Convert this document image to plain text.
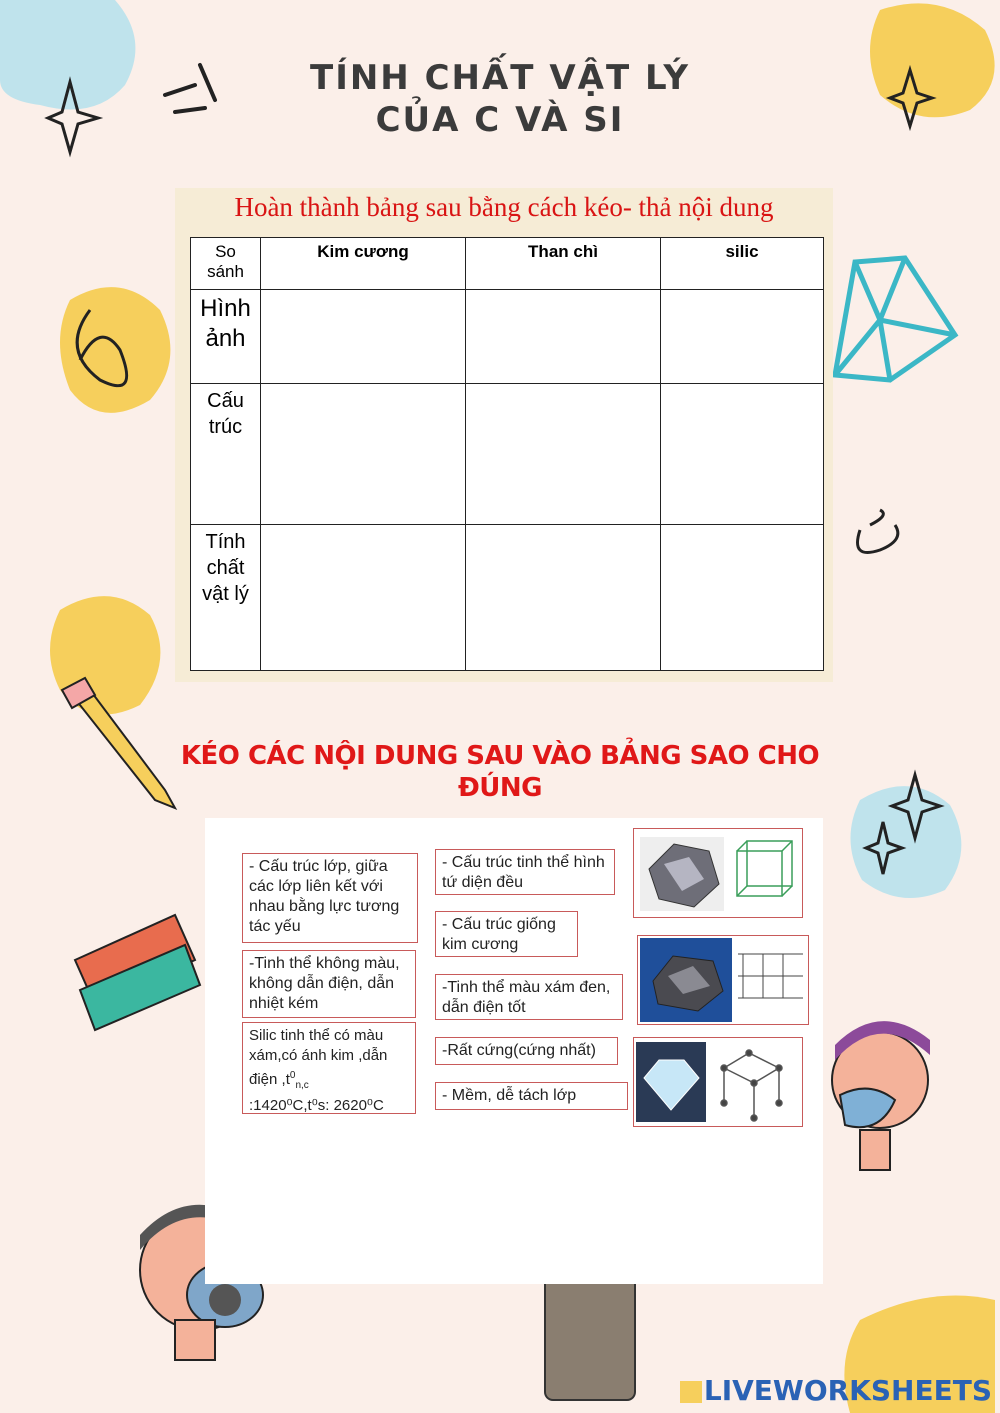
TÍNH CHẤT VẬT LÝ
CỦA C VÀ SI
Hoàn thành bảng sau bằng cách kéo- thả nội dung
So sánh	Kim cương	Than chì	silic
Hình ảnh			
Cấu trúc			
Tính chất vật lý			
KÉO CÁC NỘI DUNG SAU VÀO BẢNG SAO CHO ĐÚNG
- Cấu trúc lớp, giữa các lớp liên kết với nhau bằng lực tương tác yếu
-Tinh thể không màu, không dẫn điện, dẫn nhiệt kém
Silic tinh thể có màu xám,có ánh kim ,dẫn điện $,t^0_{n,c}$
:1420⁰C,t⁰s: 2620⁰C
- Cấu trúc tinh thể hình tứ diện đều
- Cấu trúc giống kim cương
-Tinh thể màu xám đen, dẫn điện tốt
-Rất cứng(cứng nhất)
- Mềm, dễ tách lớp
LIVEWORKSHEETS
